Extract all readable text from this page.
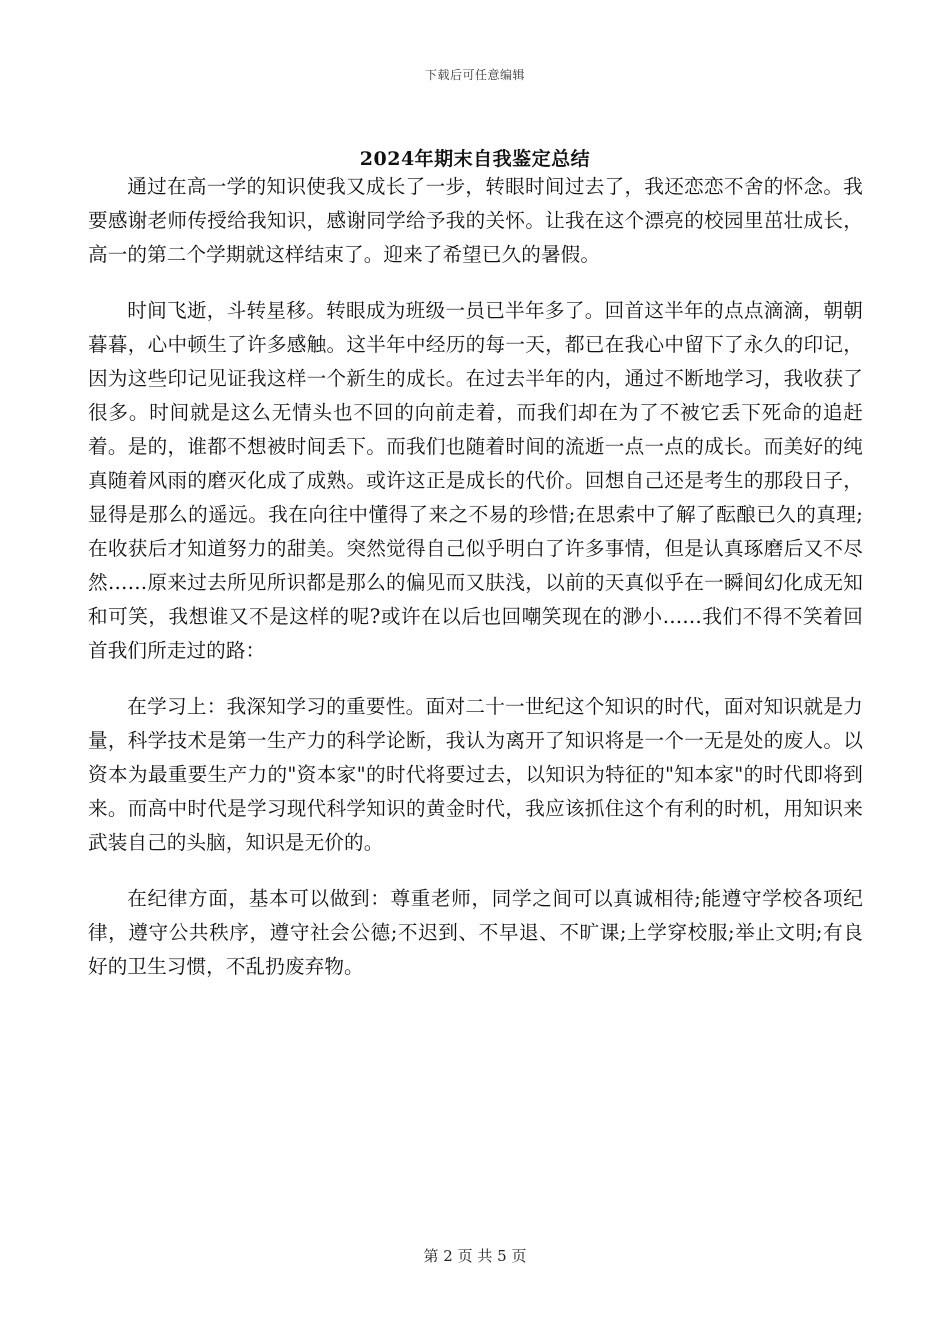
下载后可任意编辑
2024年期末自我鉴定总结

通过在高一学的知识使我又成长了一步，转眼时间过去了，我还恋恋不舍的怀念。我要感谢老师传授给我知识，感谢同学给予我的关怀。让我在这个漂亮的校园里茁壮成长，高一的第二个学期就这样结束了。迎来了希望已久的暑假。

时间飞逝，斗转星移。转眼成为班级一员已半年多了。回首这半年的点点滴滴，朝朝暮暮，心中顿生了许多感触。这半年中经历的每一天，都已在我心中留下了永久的印记，因为这些印记见证我这样一个新生的成长。在过去半年的内，通过不断地学习，我收获了很多。时间就是这么无情头也不回的向前走着，而我们却在为了不被它丢下死命的追赶着。是的，谁都不想被时间丢下。而我们也随着时间的流逝一点一点的成长。而美好的纯真随着风雨的磨灭化成了成熟。或许这正是成长的代价。回想自己还是考生的那段日子，显得是那么的遥远。我在向往中懂得了来之不易的珍惜;在思索中了解了酝酿已久的真理;在收获后才知道努力的甜美。突然觉得自己似乎明白了许多事情，但是认真琢磨后又不尽然……原来过去所见所识都是那么的偏见而又肤浅，以前的天真似乎在一瞬间幻化成无知和可笑，我想谁又不是这样的呢?或许在以后也回嘲笑现在的渺小……我们不得不笑着回首我们所走过的路：

在学习上：我深知学习的重要性。面对二十一世纪这个知识的时代，面对知识就是力量，科学技术是第一生产力的科学论断，我认为离开了知识将是一个一无是处的废人。以资本为最重要生产力的"资本家"的时代将要过去，以知识为特征的"知本家"的时代即将到来。而高中时代是学习现代科学知识的黄金时代，我应该抓住这个有利的时机，用知识来武装自己的头脑，知识是无价的。

在纪律方面，基本可以做到：尊重老师，同学之间可以真诚相待;能遵守学校各项纪律，遵守公共秩序，遵守社会公德;不迟到、不早退、不旷课;上学穿校服;举止文明;有良好的卫生习惯，不乱扔废弃物。

第 2 页 共 5 页
